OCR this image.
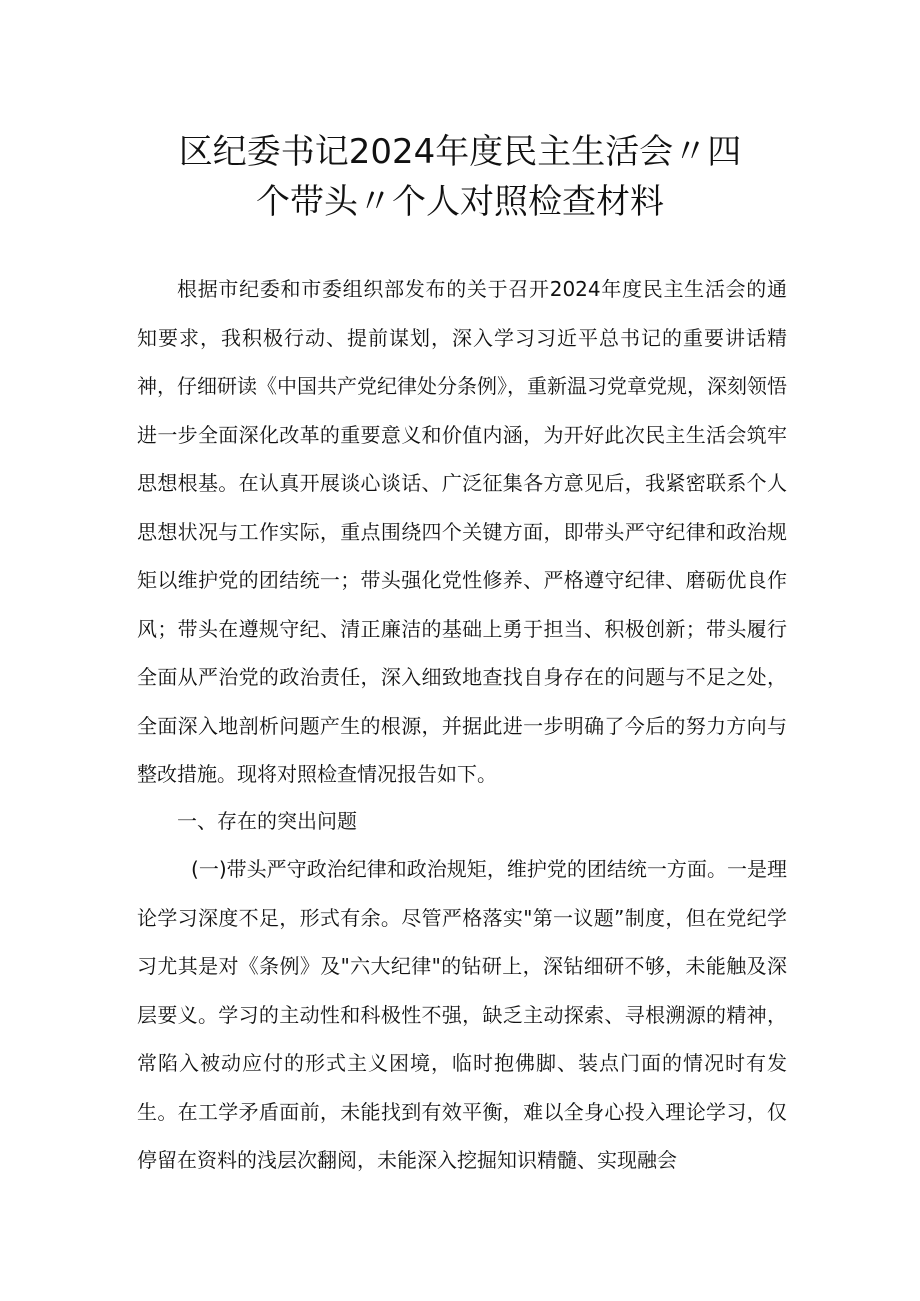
区纪委书记2024年度民主生活会〃四
个带头〃个人对照检查材料
根据市纪委和市委组织部发布的关于召开2024年度民主生活会的通知要求，我积极行动、提前谋划，深入学习习近平总书记的重要讲话精神，仔细研读《中国共产党纪律处分条例》，重新温习党章党规，深刻领悟进一步全面深化改革的重要意义和价值内涵，为开好此次民主生活会筑牢思想根基。在认真开展谈心谈话、广泛征集各方意见后，我紧密联系个人思想状况与工作实际，重点围绕四个关键方面，即带头严守纪律和政治规矩以维护党的团结统一；带头强化党性修养、严格遵守纪律、磨砺优良作风；带头在遵规守纪、清正廉洁的基础上勇于担当、积极创新；带头履行全面从严治党的政治责任，深入细致地查找自身存在的问题与不足之处，全面深入地剖析问题产生的根源，并据此进一步明确了今后的努力方向与整改措施。现将对照检查情况报告如下。
一、存在的突出问题
(一)带头严守政治纪律和政治规矩，维护党的团结统一方面。一是理论学习深度不足，形式有余。尽管严格落实"第一议题”制度，但在党纪学习尤其是对《条例》及"六大纪律"的钻研上，深钻细研不够，未能触及深层要义。学习的主动性和科极性不强，缺乏主动探索、寻根溯源的精神，常陷入被动应付的形式主义困境，临时抱佛脚、装点门面的情况时有发生。在工学矛盾面前，未能找到有效平衡，难以全身心投入理论学习，仅停留在资料的浅层次翻阅，未能深入挖掘知识精髓、实现融会
